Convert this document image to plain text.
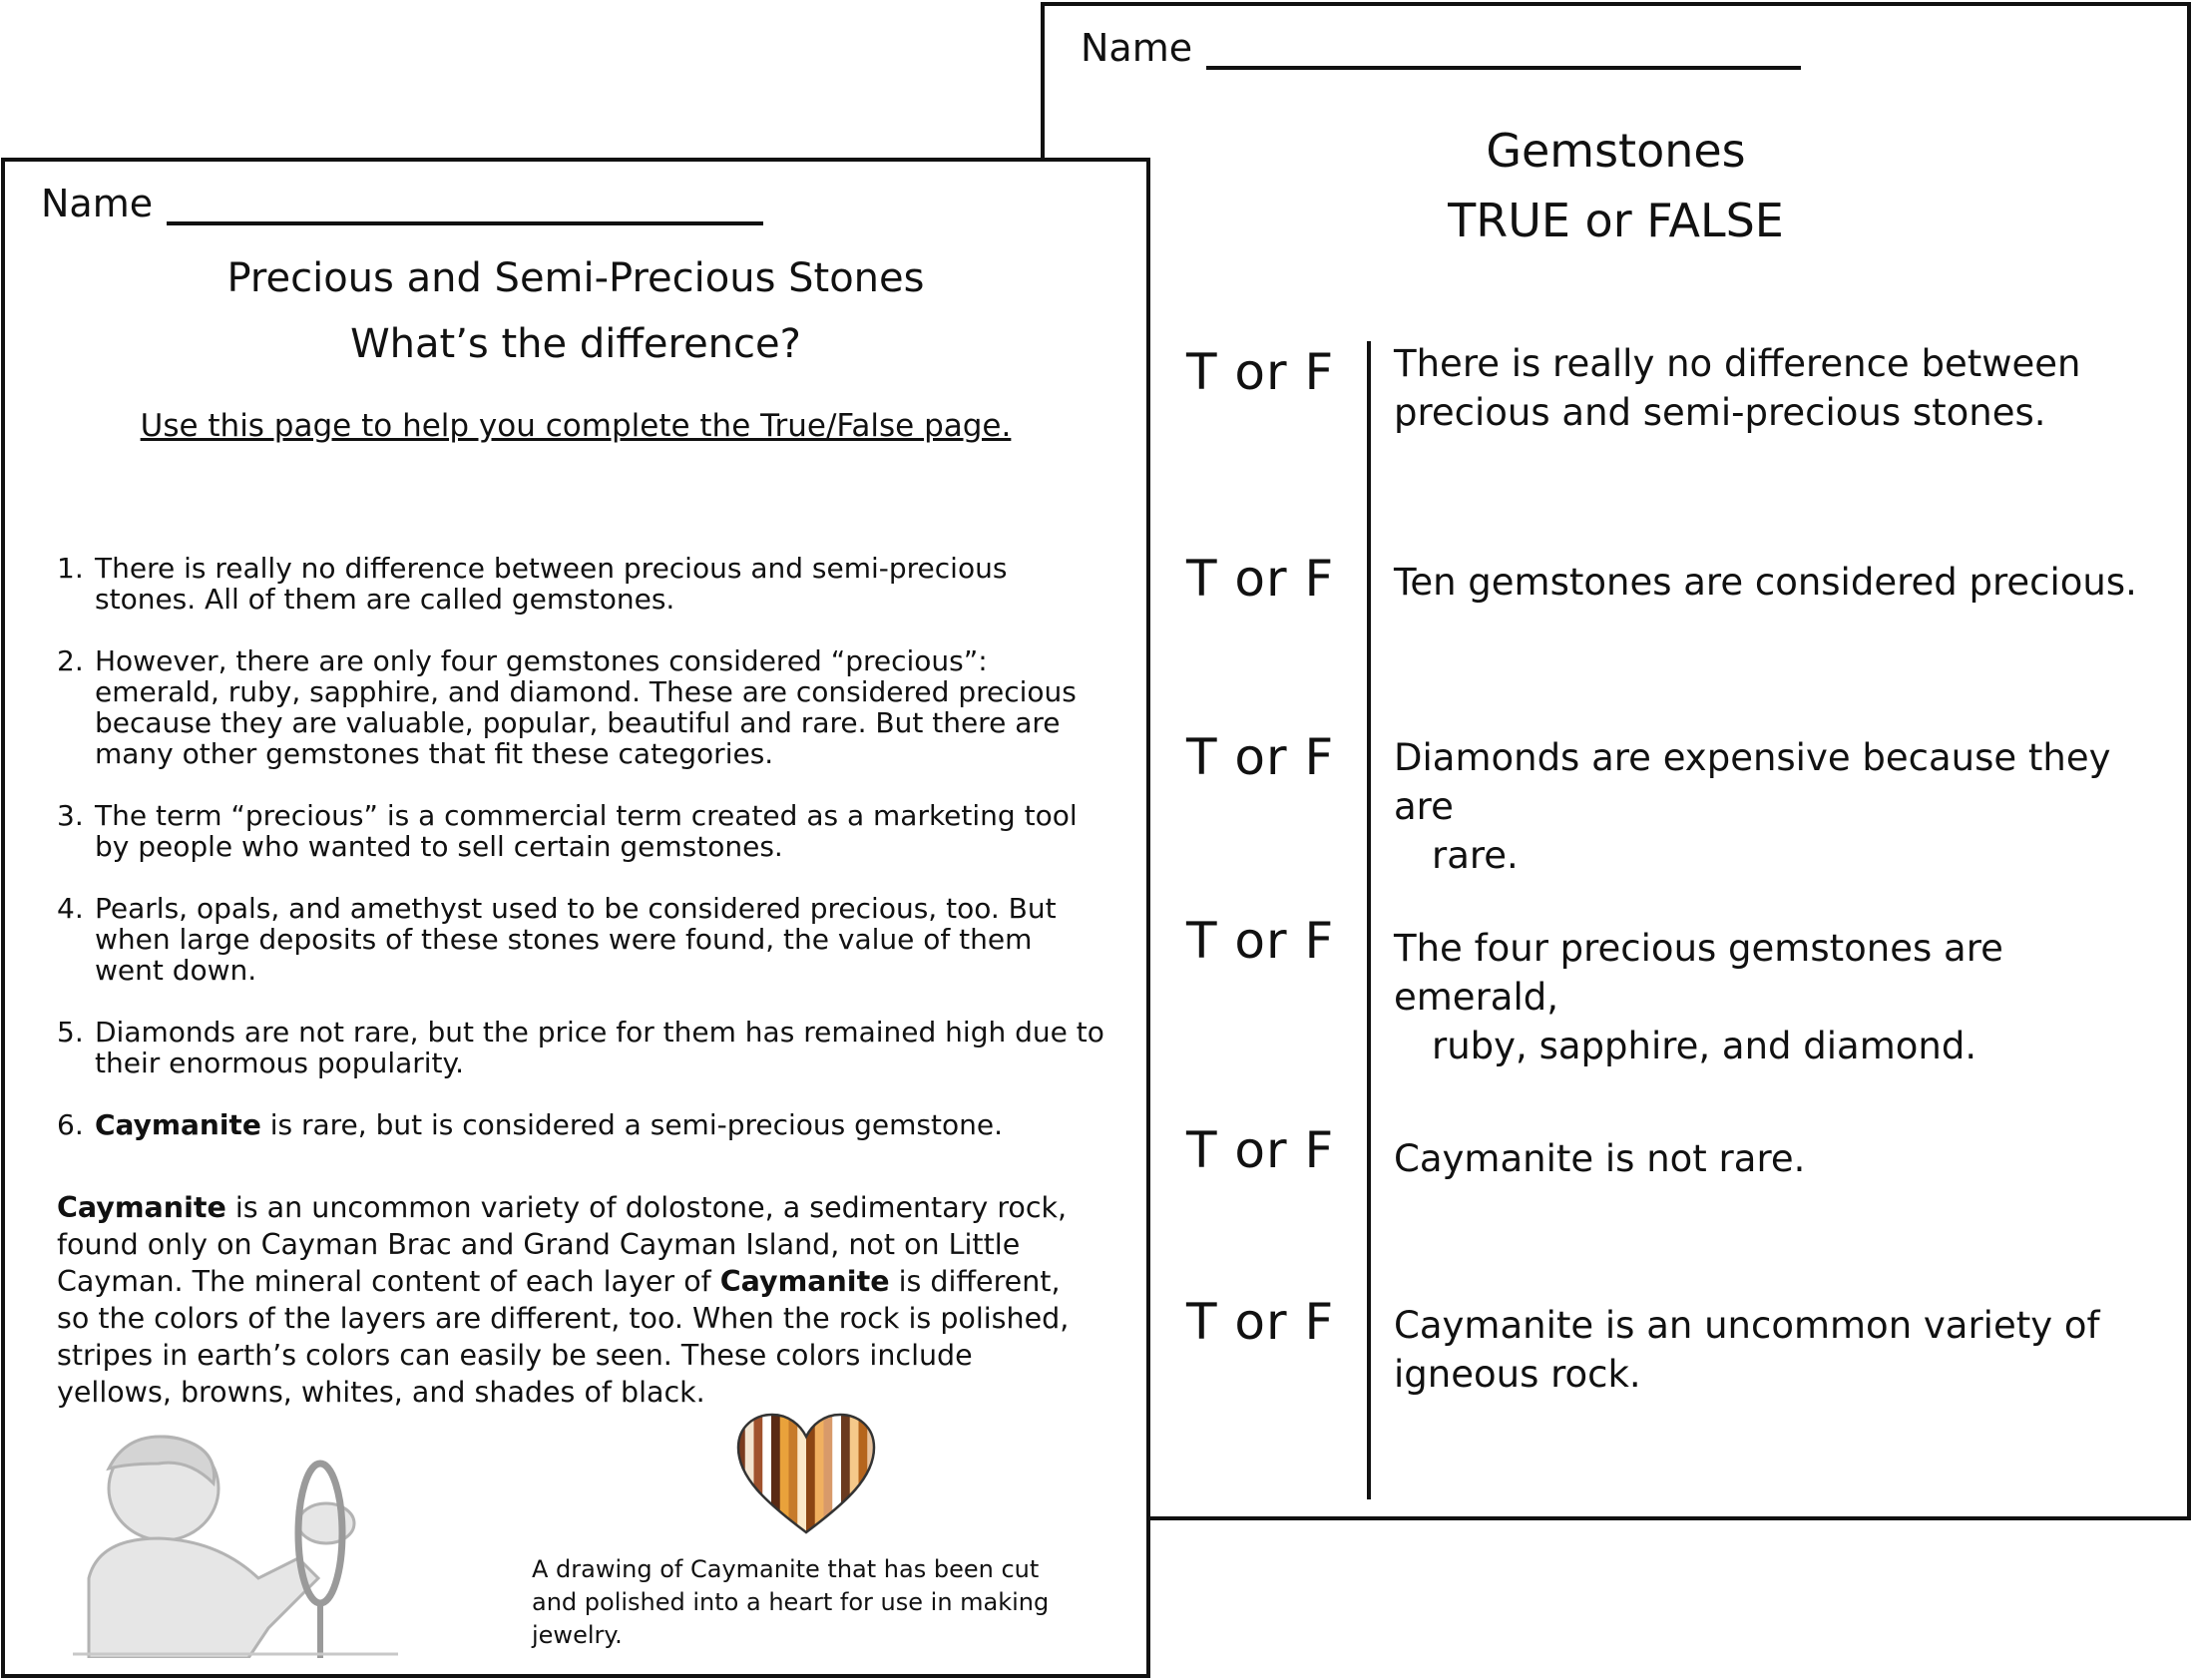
Name
Gemstones
TRUE or FALSE
T or F There is really no difference between
precious and semi-precious stones.
T or F Ten gemstones are considered precious.
T or F Diamonds are expensive because they are
rare.
T or F The four precious gemstones are emerald,
ruby, sapphire, and diamond.
T or F Caymanite is not rare.
T or F Caymanite is an uncommon variety of
igneous rock.
Name
Precious and Semi-Precious Stones
What’s the difference?
Use this page to help you complete the True/False page.
1. There is really no difference between precious and semi-precious stones. All of them are called gemstones.
2. However, there are only four gemstones considered “precious”: emerald, ruby, sapphire, and diamond. These are considered precious because they are valuable, popular, beautiful and rare. But there are many other gemstones that fit these categories.
3. The term “precious” is a commercial term created as a marketing tool by people who wanted to sell certain gemstones.
4. Pearls, opals, and amethyst used to be considered precious, too. But when large deposits of these stones were found, the value of them went down.
5. Diamonds are not rare, but the price for them has remained high due to their enormous popularity.
6. Caymanite is rare, but is considered a semi-precious gemstone.
Caymanite is an uncommon variety of dolostone, a sedimentary rock, found only on Cayman Brac and Grand Cayman Island, not on Little Cayman. The mineral content of each layer of Caymanite is different, so the colors of the layers are different, too. When the rock is polished, stripes in earth’s colors can easily be seen. These colors include yellows, browns, whites, and shades of black.
A drawing of Caymanite that has been cut and polished into a heart for use in making jewelry.
